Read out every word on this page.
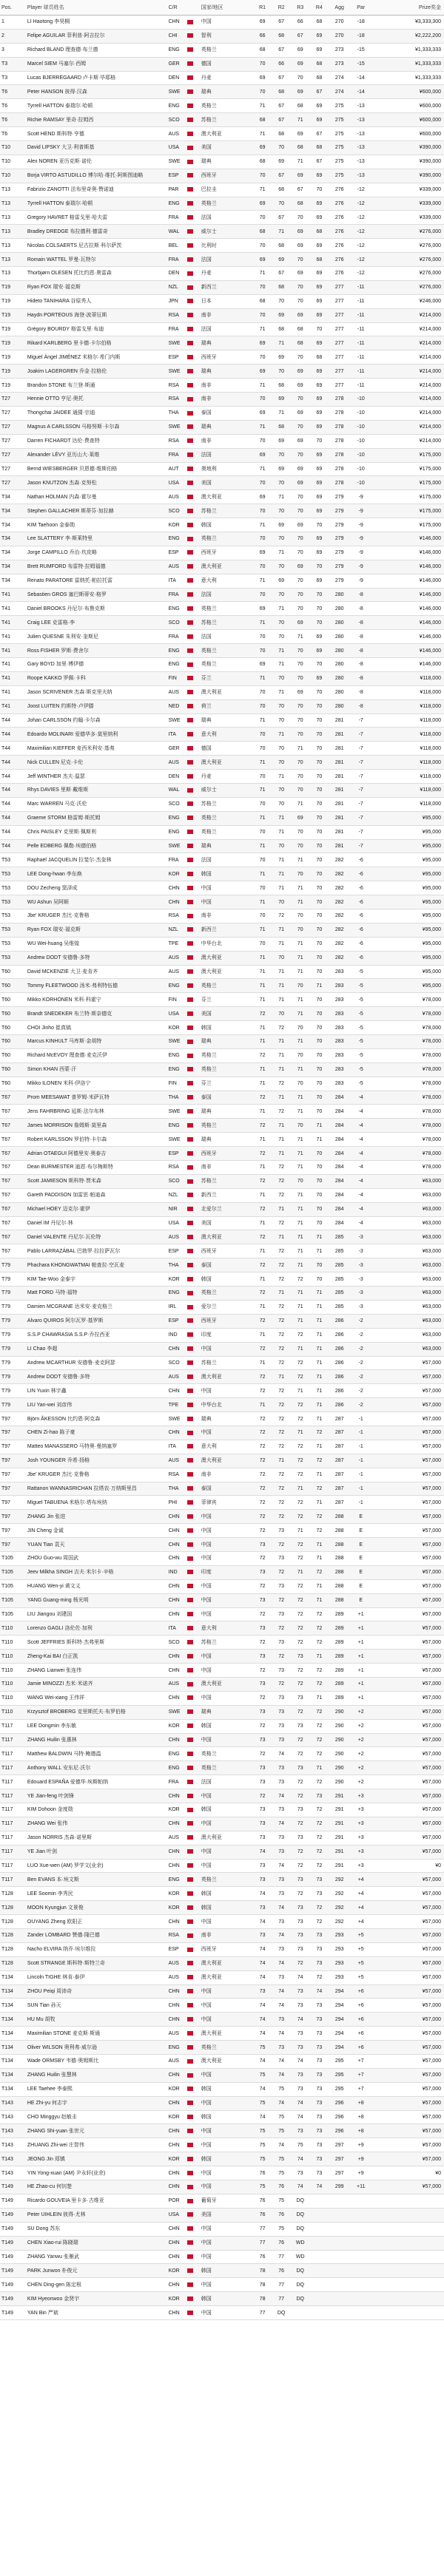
Pos.	Player 球员姓名	C/R		国家/地区	R1	R2	R3	R4	Agg	Par	Prize奖金
1	LI Haotong 李昊桐	CHN		中国	69	67	66	68	270	-18	¥3,333,300
2	Felipe AGUILAR 菲利普·阿吉拉尔	CHI		智利	66	68	67	69	270	-18	¥2,222,200
3	Richard BLAND 理查德·布兰德	ENG		英格兰	68	67	69	69	273	-15	¥1,333,333
T3	Marcel SIEM 马塞尔·西姆	GER		德国	70	66	69	68	273	-15	¥1,333,333
T3	Lucas BJERREGAARD 卢卡斯·毕耶格	DEN		丹麦	69	67	70	68	274	-14	¥1,333,333
T6	Peter HANSON 彼得·汉森	SWE		瑞典	70	68	69	67	274	-14	¥600,000
T6	Tyrrell HATTON 泰瑞尔·哈顿	ENG		英格兰	71	67	68	69	275	-13	¥600,000
T6	Richie RAMSAY 里奇·拉姆西	SCO		苏格兰	68	67	71	69	275	-13	¥600,000
T6	Scott HEND 斯科特·亨德	AUS		澳大利亚	71	68	69	67	275	-13	¥600,000
T10	David LIPSKY 大卫·利普斯基	USA		美国	69	70	68	68	275	-13	¥390,000
T10	Alex NOREN 亚历克斯·诺伦	SWE		瑞典	68	69	71	67	275	-13	¥390,000
T10	Borja VIRTO ASTUDILLO 博尔哈·维托·阿斯图迪略	ESP		西班牙	70	67	69	69	275	-13	¥390,000
T13	Fabrizio ZANOTTI 法布里奇奥·赞诺迪	PAR		巴拉圭	71	68	67	70	276	-12	¥339,000
T13	Tyrrell HATTON 泰瑞尔·哈顿	ENG		英格兰	69	70	68	69	276	-12	¥339,000
T13	Gregory HAVRET 格雷戈里·哈夫雷	FRA		法国	70	67	70	69	276	-12	¥339,000
T13	Bradley DREDGE 布拉德利·德雷奇	WAL		威尔士	68	71	69	68	276	-12	¥276,000
T13	Nicolas COLSAERTS 尼古拉斯·科尔萨茨	BEL		比利时	70	68	69	69	276	-12	¥276,000
T13	Romain WATTEL 罗曼·瓦特尔	FRA		法国	69	69	70	68	276	-12	¥276,000
T13	Thorbjørn OLESEN 托比约恩·奥雷森	DEN		丹麦	71	67	69	69	276	-12	¥276,000
T19	Ryan FOX 瑞安·福克斯	NZL		新西兰	70	68	70	69	277	-11	¥276,000
T19	Hideto TANIHARA 谷原秀人	JPN		日本	68	70	70	69	277	-11	¥246,000
T19	Haydn PORTEOUS 海登·波蒂厄斯	RSA		南非	70	69	69	69	277	-11	¥214,000
T19	Grégory BOURDY 格雷戈里·布迪	FRA		法国	71	68	68	70	277	-11	¥214,000
T19	Rikard KARLBERG 里卡德·卡尔伯格	SWE		瑞典	69	71	68	69	277	-11	¥214,000
T19	Miguel Ángel JIMÉNEZ 米格尔·希门内斯	ESP		西班牙	70	69	70	68	277	-11	¥214,000
T19	Joakim LAGERGREN 乔金·拉格伦	SWE		瑞典	69	70	69	69	277	-11	¥214,000
T19	Brandon STONE 布兰登·斯通	RSA		南非	71	68	69	69	277	-11	¥214,000
T27	Hennie OTTO 亨尼·奥托	RSA		南非	70	69	70	69	278	-10	¥214,000
T27	Thongchai JAIDEE 通猜·宗迪	THA		泰国	69	71	69	69	278	-10	¥214,000
T27	Magnus A CARLSSON 马格努斯·卡尔森	SWE		瑞典	71	68	70	69	278	-10	¥214,000
T27	Darren FICHARDT 达伦·费查特	RSA		南非	70	69	69	70	278	-10	¥214,000
T27	Alexander LÉVY 亚历山大·莱维	FRA		法国	69	70	70	69	278	-10	¥175,000
T27	Bernd WIESBERGER 贝恩德·维斯伯格	AUT		奥地利	71	69	69	69	278	-10	¥175,000
T27	Jason KNUTZON 杰森·克努松	USA		美国	70	70	69	69	278	-10	¥175,000
T34	Nathan HOLMAN 内森·霍尔曼	AUS		澳大利亚	69	71	70	69	279	-9	¥175,000
T34	Stephen GALLACHER 斯蒂芬·加拉赫	SCO		苏格兰	70	70	70	69	279	-9	¥175,000
T34	KIM Taehoon 金泰勋	KOR		韩国	71	69	69	70	279	-9	¥175,000
T34	Lee SLATTERY 李·斯莱特里	ENG		英格兰	70	70	70	69	279	-9	¥146,000
T34	Jorge CAMPILLO 乔治·坎皮略	ESP		西班牙	69	71	70	69	279	-9	¥146,000
T34	Brett RUMFORD 布雷特·拉姆福德	AUS		澳大利亚	70	70	69	70	279	-9	¥146,000
T34	Renato PARATORE 雷纳托·帕拉托雷	ITA		意大利	71	69	70	69	279	-9	¥146,000
T41	Sebastien GROS 塞巴斯蒂安·格罗	FRA		法国	70	70	70	70	280	-8	¥146,000
T41	Daniel BROOKS 丹尼尔·布鲁克斯	ENG		英格兰	69	71	70	70	280	-8	¥146,000
T41	Craig LEE 克雷格·李	SCO		苏格兰	71	70	69	70	280	-8	¥146,000
T41	Julien QUESNE 朱利安·奎斯尼	FRA		法国	70	70	71	69	280	-8	¥146,000
T41	Ross FISHER 罗斯·费舍尔	ENG		英格兰	70	71	70	69	280	-8	¥146,000
T41	Gary BOYD 加里·博伊德	ENG		英格兰	69	71	70	70	280	-8	¥146,000
T41	Roope KAKKO 罗佩·卡科	FIN		芬兰	71	70	70	69	280	-8	¥118,000
T41	Jason SCRIVENER 杰森·斯克里夫纳	AUS		澳大利亚	70	71	69	70	280	-8	¥118,000
T41	Joost LUITEN 约斯特·卢伊滕	NED		荷兰	70	70	70	70	280	-8	¥118,000
T44	Johan CARLSSON 约翰·卡尔森	SWE		瑞典	71	70	70	70	281	-7	¥118,000
T44	Edoardo MOLINARI 爱德华多·莫里纳利	ITA		意大利	70	71	70	70	281	-7	¥118,000
T44	Maximilian KIEFFER 麦西米利安·基弗	GER		德国	70	70	71	70	281	-7	¥118,000
T44	Nick CULLEN 尼克·卡伦	AUS		澳大利亚	71	70	70	70	281	-7	¥118,000
T44	Jeff WINTHER 杰夫·温瑟	DEN		丹麦	70	71	70	70	281	-7	¥118,000
T44	Rhys DAVIES 里斯·戴维斯	WAL		威尔士	71	70	70	70	281	-7	¥118,000
T44	Marc WARREN 马克·沃伦	SCO		苏格兰	70	70	71	70	281	-7	¥118,000
T44	Graeme STORM 格雷姆·斯托姆	ENG		英格兰	71	71	69	70	281	-7	¥95,000
T44	Chris PAISLEY 克里斯·佩斯利	ENG		英格兰	70	71	70	70	281	-7	¥95,000
T44	Pelle EDBERG 佩勒·埃德伯格	SWE		瑞典	71	70	70	70	281	-7	¥95,000
T53	Raphaël JACQUELIN 拉斐尔·杰奎林	FRA		法国	70	71	71	70	282	-6	¥95,000
T53	LEE Dong-hwan 李东焕	KOR		韩国	71	71	70	70	282	-6	¥95,000
T53	DOU Zecheng 窦泽成	CHN		中国	70	71	71	70	282	-6	¥95,000
T53	WU Ashun 吴阿顺	CHN		中国	71	70	71	70	282	-6	¥95,000
T53	Jbe' KRUGER 杰比·克鲁格	RSA		南非	70	72	70	70	282	-6	¥95,000
T53	Ryan FOX 瑞安·福克斯	NZL		新西兰	71	71	70	70	282	-6	¥95,000
T53	WU Wei-huang 吴维煌	TPE		中华台北	70	71	71	70	282	-6	¥95,000
T53	Andrew DODT 安德鲁·多特	AUS		澳大利亚	71	70	71	70	282	-6	¥95,000
T60	David MCKENZIE 大卫·麦肯齐	AUS		澳大利亚	71	71	71	70	283	-5	¥95,000
T60	Tommy FLEETWOOD 汤米·弗利特伍德	ENG		英格兰	71	71	70	71	283	-5	¥95,000
T60	Mikko KORHONEN 米科·科霍宁	FIN		芬兰	71	71	71	70	283	-5	¥78,000
T60	Brandt SNEDEKER 布兰特·斯奈德克	USA		美国	72	70	71	70	283	-5	¥78,000
T60	CHOI Jinho 崔真镐	KOR		韩国	71	72	70	70	283	-5	¥78,000
T60	Marcus KINHULT 马库斯·金胡特	SWE		瑞典	71	71	71	70	283	-5	¥78,000
T60	Richard McEVOY 理查德·麦克沃伊	ENG		英格兰	72	71	70	70	283	-5	¥78,000
T60	Simon KHAN 西蒙·汗	ENG		英格兰	71	71	71	70	283	-5	¥78,000
T60	Mikko ILONEN 米科·伊洛宁	FIN		芬兰	71	72	70	70	283	-5	¥78,000
T67	Prom MEESAWAT 普罗姆·米萨瓦特	THA		泰国	72	71	71	70	284	-4	¥78,000
T67	Jens FAHRBRING 延斯·法尔布林	SWE		瑞典	71	72	71	70	284	-4	¥78,000
T67	James MORRISON 詹姆斯·莫里森	ENG		英格兰	72	71	70	71	284	-4	¥78,000
T67	Robert KARLSSON 罗伯特·卡尔森	SWE		瑞典	71	71	71	71	284	-4	¥78,000
T67	Adrian OTAEGUI 阿德里安·奥泰吉	ESP		西班牙	72	71	71	70	284	-4	¥78,000
T67	Dean BURMESTER 迪恩·布尔梅斯特	RSA		南非	71	72	71	70	284	-4	¥78,000
T67	Scott JAMIESON 斯科特·贾米森	SCO		苏格兰	72	72	70	70	284	-4	¥63,000
T67	Gareth PADDISON 加雷思·帕迪森	NZL		新西兰	71	72	71	70	284	-4	¥63,000
T67	Michael HOEY 迈克尔·霍伊	NIR		北爱尔兰	72	71	71	70	284	-4	¥63,000
T67	Daniel IM 丹尼尔·林	USA		美国	71	72	71	70	284	-4	¥63,000
T67	Daniel VALENTE 丹尼尔·瓦伦特	AUS		澳大利亚	72	71	71	71	285	-3	¥63,000
T67	Pablo LARRAZÁBAL 巴勃罗·拉拉萨瓦尔	ESP		西班牙	71	72	71	71	285	-3	¥63,000
T79	Phachara KHONGWATMAI 帕查拉·空瓦麦	THA		泰国	72	72	71	70	285	-3	¥63,000
T79	KIM Tae-Woo 金泰宇	KOR		韩国	71	72	72	70	285	-3	¥63,000
T79	Matt FORD 马特·福特	ENG		英格兰	72	71	71	71	285	-3	¥63,000
T79	Damien MCGRANE 达米安·麦克格兰	IRL		爱尔兰	71	72	71	71	285	-3	¥63,000
T79	Alvaro QUIROS 阿尔瓦罗·基罗斯	ESP		西班牙	72	72	71	71	286	-2	¥63,000
T79	S.S.P CHAWRASIA S.S.P·乔拉西亚	IND		印度	71	72	72	71	286	-2	¥63,000
T79	LI Chao 李超	CHN		中国	72	72	71	71	286	-2	¥63,000
T79	Andrew MCARTHUR 安德鲁·麦克阿瑟	SCO		苏格兰	71	72	72	71	286	-2	¥57,000
T79	Andrew DODT 安德鲁·多特	AUS		澳大利亚	72	71	72	71	286	-2	¥57,000
T79	LIN Yuxin 林宇鑫	CHN		中国	72	72	71	71	286	-2	¥57,000
T79	LIU Yan-wei 刘彦伟	TPE		中华台北	71	72	72	71	286	-2	¥57,000
T97	Björn ÅKESSON 比约恩·阿克森	SWE		瑞典	72	72	72	71	287	-1	¥57,000
T97	CHEN Zi-hao 陈子豪	CHN		中国	72	72	71	72	287	-1	¥57,000
T97	Matteo MANASSERO 马特奥·曼纳塞罗	ITA		意大利	72	72	72	71	287	-1	¥57,000
T97	Josh YOUNGER 乔希·扬格	AUS		澳大利亚	72	71	72	72	287	-1	¥57,000
T97	Jbe' KRUGER 杰比·克鲁格	RSA		南非	72	72	72	71	287	-1	¥57,000
T97	Rattanon WANNASRICHAN 拉塔农·万纳斯里昌	THA		泰国	72	72	71	72	287	-1	¥57,000
T97	Miguel TABUENA 米格尔·塔布埃纳	PHI		菲律宾	72	72	72	71	287	-1	¥57,000
T97	ZHANG Jin 张进	CHN		中国	72	72	72	72	288	E	¥57,000
T97	JIN Cheng 金诚	CHN		中国	72	73	71	72	288	E	¥57,000
T97	YUAN Tian 袁天	CHN		中国	73	72	72	71	288	E	¥57,000
T105	ZHOU Guo-wu 周国武	CHN		中国	72	73	72	71	288	E	¥57,000
T105	Jeev Milkha SINGH 吉夫·米尔卡·辛格	IND		印度	73	72	71	72	288	E	¥57,000
T105	HUANG Wen-yi 黄文义	CHN		中国	72	73	72	71	288	E	¥57,000
T105	YANG Guang-ming 杨光明	CHN		中国	73	72	72	71	288	E	¥57,000
T105	LIU Jiangou 刘建国	CHN		中国	72	73	72	72	289	+1	¥57,000
T110	Lorenzo GAGLI 洛伦佐·加利	ITA		意大利	73	72	72	72	289	+1	¥57,000
T110	Scott JEFFRIES 斯科特·杰弗里斯	SCO		苏格兰	72	73	72	72	289	+1	¥57,000
T110	Zheng-Kai BAI 白正凯	CHN		中国	73	72	73	71	289	+1	¥57,000
T110	ZHANG Lianwei 张连伟	CHN		中国	72	73	72	72	289	+1	¥57,000
T110	Jamie MINOZZI 杰米·米诺齐	AUS		澳大利亚	73	72	72	72	289	+1	¥57,000
T110	WANG Wei-xiang 王伟祥	CHN		中国	72	73	73	71	289	+1	¥57,000
T110	Krzysztof BROBERG 克里斯托夫·布罗伯格	SWE		瑞典	73	73	72	72	290	+2	¥57,000
T117	LEE Dongmin 李东敏	KOR		韩国	72	73	73	72	290	+2	¥57,000
T117	ZHANG Huilin 张惠林	CHN		中国	73	73	72	72	290	+2	¥57,000
T117	Matthew BALDWIN 马特·鲍德温	ENG		英格兰	72	74	72	72	290	+2	¥57,000
T117	Anthony WALL 安东尼·沃尔	ENG		英格兰	73	73	73	71	290	+2	¥57,000
T117	Edouard ESPAÑA 爱德华·埃斯帕纳	FRA		法国	73	73	72	72	290	+2	¥57,000
T117	YE Jian-feng 叶剑锋	CHN		中国	72	74	72	73	291	+3	¥57,000
T117	KIM Dohoon 金度勋	KOR		韩国	73	73	73	72	291	+3	¥57,000
T117	ZHANG Wei 张伟	CHN		中国	73	74	72	72	291	+3	¥57,000
T117	Jason NORRIS 杰森·诺里斯	AUS		澳大利亚	73	73	73	72	291	+3	¥57,000
T117	YE Jian 叶剑	CHN		中国	74	73	72	72	291	+3	¥57,000
T117	LUO Xue-wen (AM) 罗学文(业余)	CHN		中国	73	74	72	72	291	+3	¥0
T117	Ben EVANS 本·埃文斯	ENG		英格兰	73	73	73	73	292	+4	¥57,000
T128	LEE Soomin 李秀民	KOR		韩国	74	73	72	73	292	+4	¥57,000
T128	MOON Kyungjun 文景俊	KOR		韩国	73	74	73	72	292	+4	¥57,000
T128	OUYANG Zheng 欧阳正	CHN		中国	74	73	73	72	292	+4	¥57,000
T128	Zander LOMBARD 赞德·隆巴德	RSA		南非	73	74	73	73	293	+5	¥57,000
T128	Nacho ELVIRA 纳乔·埃尔维拉	ESP		西班牙	74	73	73	73	293	+5	¥57,000
T128	Scott STRANGE 斯科特·斯特兰奇	AUS		澳大利亚	74	74	72	73	293	+5	¥57,000
T134	Lincoln TIGHE 林肯·泰伊	AUS		澳大利亚	74	73	74	72	293	+5	¥57,000
T134	ZHOU Peiqi 周沛奇	CHN		中国	73	74	73	74	294	+6	¥57,000
T134	SUN Tian 孙天	CHN		中国	74	74	73	73	294	+6	¥57,000
T134	HU Mu 胡牧	CHN		中国	74	73	74	73	294	+6	¥57,000
T134	Maximilian STONE 麦克斯·斯通	AUS		澳大利亚	74	74	73	73	294	+6	¥57,000
T134	Oliver WILSON 奥利弗·威尔逊	ENG		英格兰	75	73	73	73	294	+6	¥57,000
T134	Wade ORMSBY 韦德·奥姆斯比	AUS		澳大利亚	74	74	74	73	295	+7	¥57,000
T134	ZHANG Huilin 张慧林	CHN		中国	75	74	73	73	295	+7	¥57,000
T134	LEE Taehee 李泰熙	KOR		韩国	74	75	73	73	295	+7	¥57,000
T143	HE Zhi-yu 何志宇	CHN		中国	75	74	74	73	296	+8	¥57,000
T143	CHO Minggyu 赵敏圭	KOR		韩国	74	75	74	73	296	+8	¥57,000
T143	ZHANG Shi-yuan 张世元	CHN		中国	75	75	73	73	296	+8	¥57,000
T143	ZHUANG Zhi-wei 庄智伟	CHN		中国	75	74	75	73	297	+9	¥57,000
T143	JEONG Jin 郑镇	KOR		韩国	75	75	74	73	297	+9	¥57,000
T143	YIN Yong-xuan (AM) 尹永轩(业余)	CHN		中国	76	75	73	73	297	+9	¥0
T149	HE Zhao-cu 何钊楚	CHN		中国	75	76	74	74	299	+11	¥57,000
T149	Ricardo GOUVEIA 里卡多·古维亚	POR		葡萄牙	76	75	DQ				
T149	Peter UIHLEIN 彼得·尤林	USA		美国	76	76	DQ				
T149	SU Dong 苏东	CHN		中国	77	75	DQ				
T149	CHEN Xiao-rui 陈晓瑞	CHN		中国	77	76	WD				
T149	ZHANG Yanwu 张雁武	CHN		中国	76	77	WD				
T149	PARK Junwon 朴俊元	KOR		韩国	78	76	DQ				
T149	CHEN Ding-gen 陈定根	CHN		中国	78	77	DQ				
T149	KIM Hyeonwoo 金贤宇	KOR		韩国	78	77	DQ				
T149	YAN Bin 严斌	CHN		中国	77	DQ					
